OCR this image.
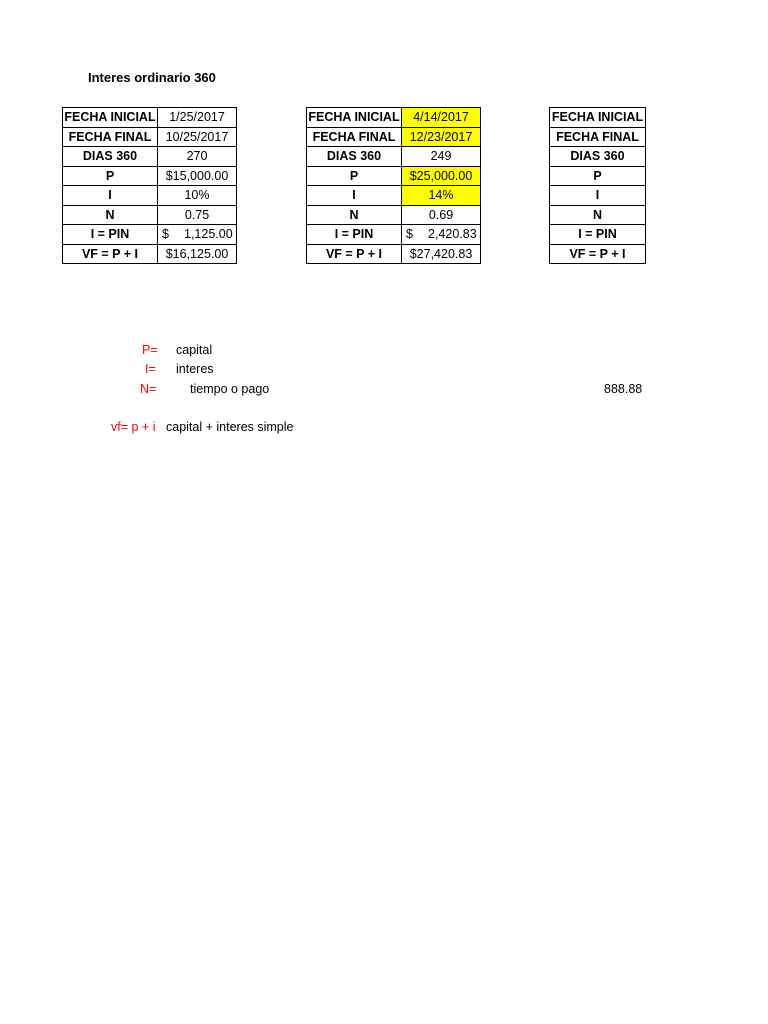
Interes ordinario 360
FECHA INICIAL	1/25/2017
FECHA FINAL	10/25/2017
DIAS 360	270
P	$15,000.00
I	10%
N	0.75
I = PIN	$ 1,125.00
VF = P + I	$16,125.00
FECHA INICIAL	4/14/2017
FECHA FINAL	12/23/2017
DIAS 360	249
P	$25,000.00
I	14%
N	0.69
I = PIN	$ 2,420.83
VF = P + I	$27,420.83
FECHA INICIAL
FECHA FINAL
DIAS 360
P
I
N
I = PIN
VF = P + I
P= capital
I= interes
N=	tiempo o pago	888.88
vf= p + i capital + interes simple
